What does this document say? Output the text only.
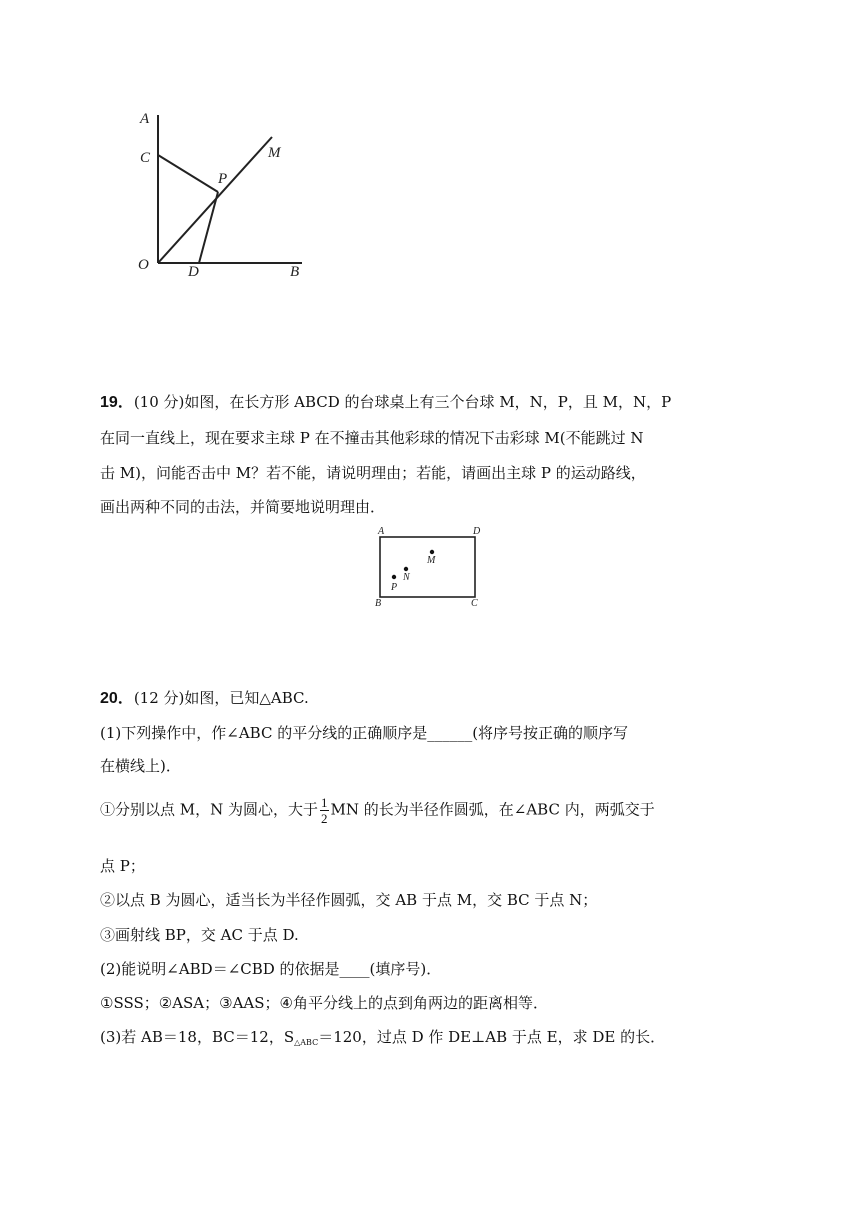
A
C
P
M
O	D	B
19．(10 分)如图，在长方形 ABCD 的台球桌上有三个台球 M，N，P，且 M，N，P
在同一直线上，现在要求主球 P 在不撞击其他彩球的情况下击彩球 M(不能跳过 N
击 M)，问能否击中 M？若不能，请说明理由；若能，请画出主球 P 的运动路线，
画出两种不同的击法，并简要地说明理由．
A	D
B	C
M
N
P
20．(12 分)如图，已知△ABC.
(1)下列操作中，作∠ABC 的平分线的正确顺序是______(将序号按正确的顺序写
在横线上)．
①分别以点 M，N 为圆心，大于 $\frac{1}{2}$ MN 的长为半径作圆弧，在∠ABC 内，两弧交于
点 P；
②以点 B 为圆心，适当长为半径作圆弧，交 AB 于点 M，交 BC 于点 N；
③画射线 BP，交 AC 于点 D.
(2)能说明∠ABD＝∠CBD 的依据是____(填序号)．
①SSS；②ASA；③AAS；④角平分线上的点到角两边的距离相等．
(3)若 AB＝18，BC＝12，$S_{\triangle ABC}=120$，过点 D 作 DE⊥AB 于点 E，求 DE 的长．
